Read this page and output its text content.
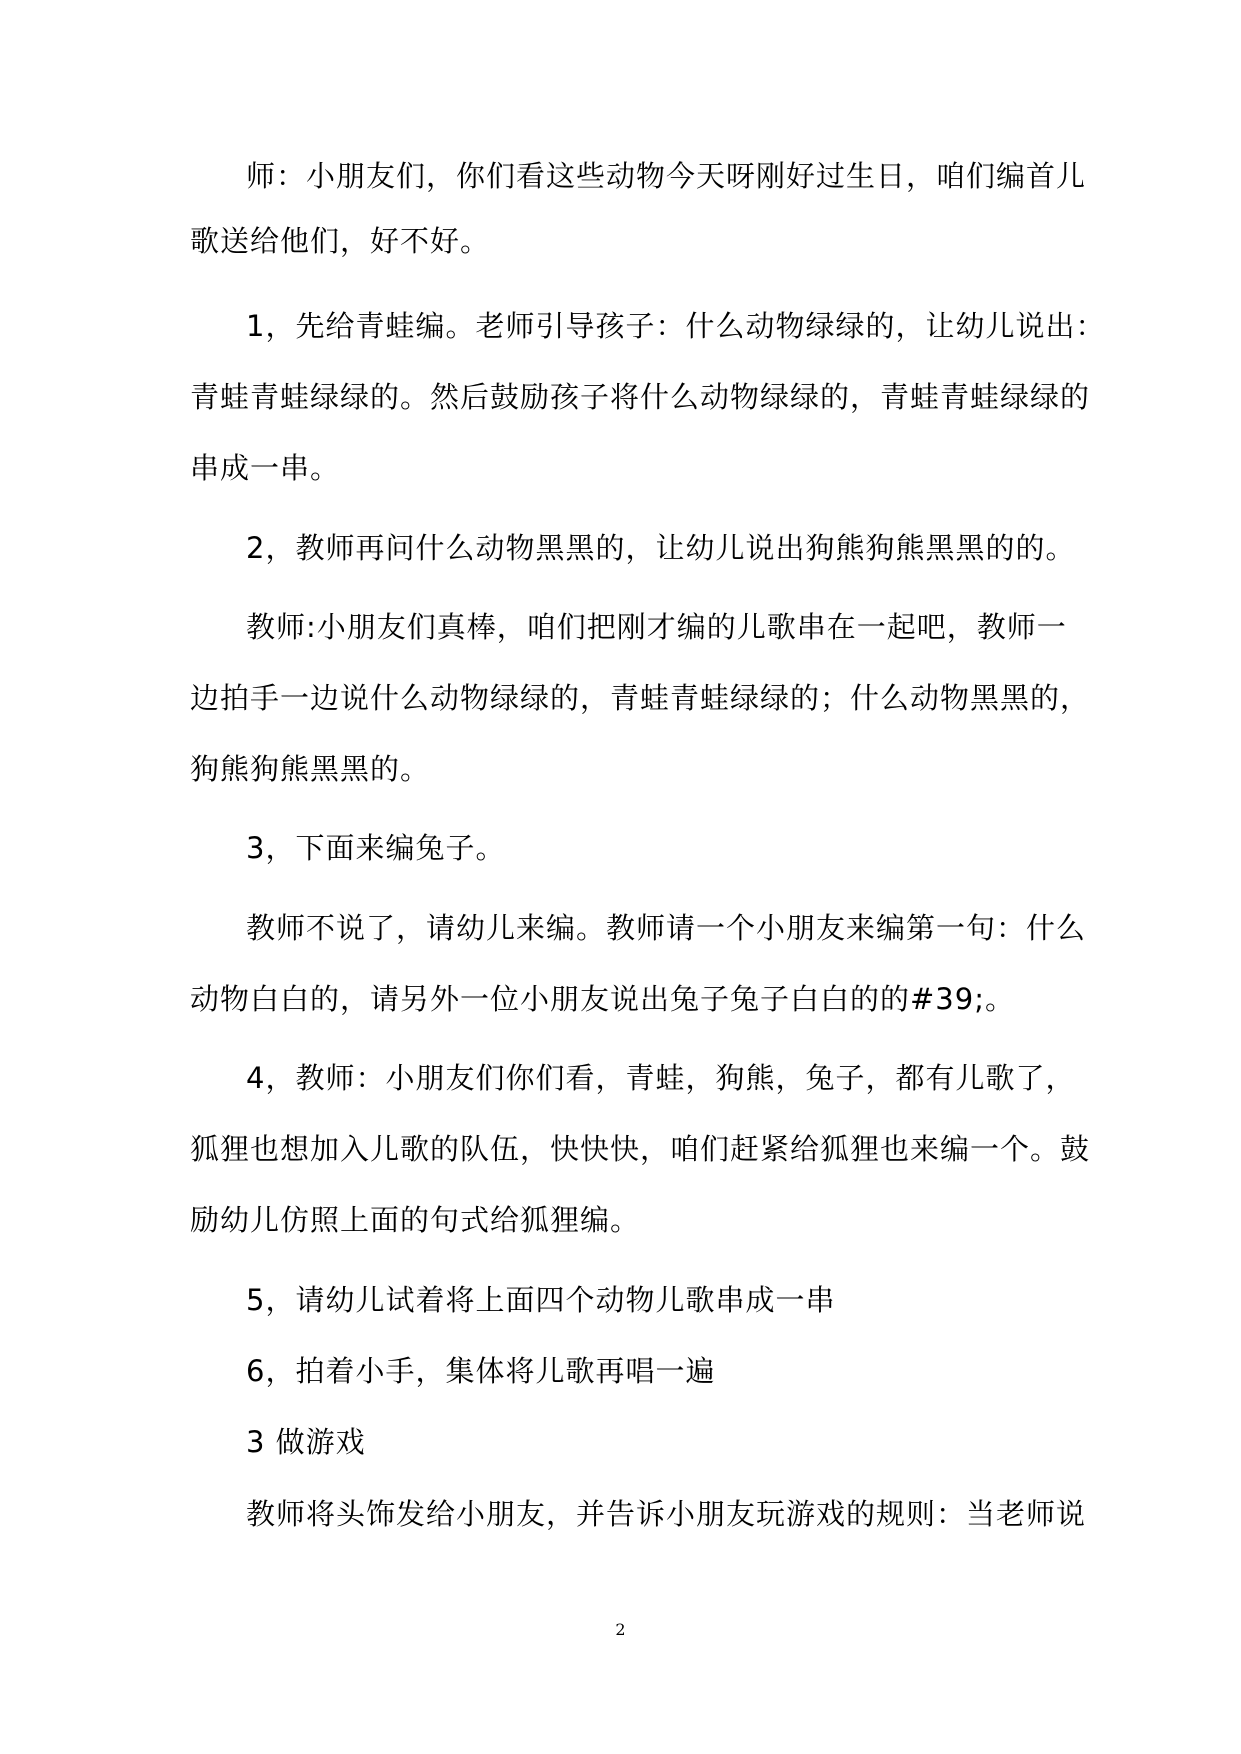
师：小朋友们，你们看这些动物今天呀刚好过生日，咱们编首儿
歌送给他们，好不好。
1，先给青蛙编。老师引导孩子：什么动物绿绿的，让幼儿说出：
青蛙青蛙绿绿的。然后鼓励孩子将什么动物绿绿的，青蛙青蛙绿绿的
串成一串。
2，教师再问什么动物黑黑的，让幼儿说出狗熊狗熊黑黑的的。
教师:小朋友们真棒，咱们把刚才编的儿歌串在一起吧，教师一
边拍手一边说什么动物绿绿的，青蛙青蛙绿绿的；什么动物黑黑的，
狗熊狗熊黑黑的。
3，下面来编兔子。
教师不说了，请幼儿来编。教师请一个小朋友来编第一句：什么
动物白白的，请另外一位小朋友说出兔子兔子白白的的#39;。
4，教师：小朋友们你们看，青蛙，狗熊，兔子，都有儿歌了，
狐狸也想加入儿歌的队伍，快快快，咱们赶紧给狐狸也来编一个。鼓
励幼儿仿照上面的句式给狐狸编。
5，请幼儿试着将上面四个动物儿歌串成一串
6，拍着小手，集体将儿歌再唱一遍
3 做游戏
教师将头饰发给小朋友，并告诉小朋友玩游戏的规则：当老师说
2
